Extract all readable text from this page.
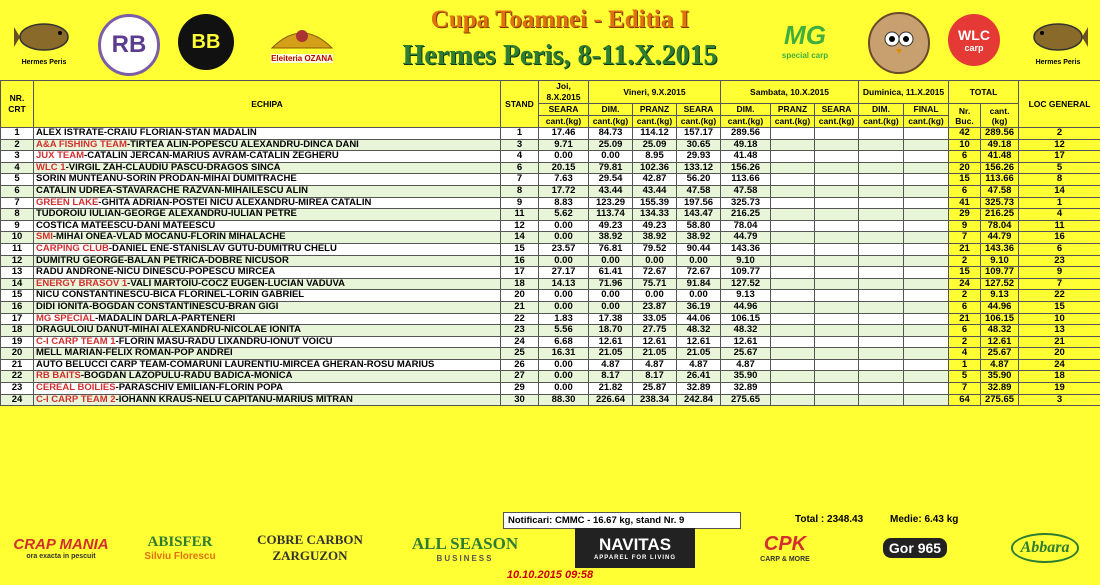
Hermes Peris
RB BB
Eleiteria OZANA
Cupa Toamnei - Editia I
Hermes Peris, 8-11.X.2015
MG
special carp
WLC
carp
Hermes Peris
NR. CRT	ECHIPA	STAND	Joi, 8.X.2015	Vineri, 9.X.2015			Sambata, 10.X.2015			Duminica, 11.X.2015		TOTAL		LOC GENERAL
			SEARA	DIM.	PRANZ	SEARA	DIM.	PRANZ	SEARA	DIM.	FINAL	Nr. Buc.	cant.(kg)	
			cant.(kg)	cant.(kg)	cant.(kg)	cant.(kg)	cant.(kg)	cant.(kg)	cant.(kg)	cant.(kg)	cant.(kg)			
1	ALEX ISTRATE-CRAIU FLORIAN-STAN MADALIN	1	17.46	84.73	114.12	157.17	289.56					42	289.56	2
2	A&A FISHING TEAM-TIRTEA ALIN-POPESCU ALEXANDRU-DINCA DANI	3	9.71	25.09	25.09	30.65	49.18					10	49.18	12
3	JUX TEAM-CATALIN JERCAN-MARIUS AVRAM-CATALIN ZEGHERU	4	0.00	0.00	8.95	29.93	41.48					6	41.48	17
4	WLC 1-VIRGIL ZAH-CLAUDIU PASCU-DRAGOS SINCA	6	20.15	79.81	102.36	133.12	156.26					20	156.26	5
5	SORIN MUNTEANU-SORIN PRODAN-MIHAI DUMITRACHE	7	7.63	29.54	42.87	56.20	113.66					15	113.66	8
6	CATALIN UDREA-STAVARACHE RAZVAN-MIHAILESCU ALIN	8	17.72	43.44	43.44	47.58	47.58					6	47.58	14
7	GREEN LAKE-GHITA ADRIAN-POSTEI NICU ALEXANDRU-MIREA CATALIN	9	8.83	123.29	155.39	197.56	325.73					41	325.73	1
8	TUDOROIU IULIAN-GEORGE ALEXANDRU-IULIAN PETRE	11	5.62	113.74	134.33	143.47	216.25					29	216.25	4
9	COSTICA MATEESCU-DANI MATEESCU	12	0.00	49.23	49.23	58.80	78.04					9	78.04	11
10	SMI-MIHAI ONEA-VLAD MOCANU-FLORIN MIHALACHE	14	0.00	38.92	38.92	38.92	44.79					7	44.79	16
11	CARPING CLUB-DANIEL ENE-STANISLAV GUTU-DUMITRU CHELU	15	23.57	76.81	79.52	90.44	143.36					21	143.36	6
12	DUMITRU GEORGE-BALAN PETRICA-DOBRE NICUSOR	16	0.00	0.00	0.00	0.00	9.10					2	9.10	23
13	RADU ANDRONE-NICU DINESCU-POPESCU MIRCEA	17	27.17	61.41	72.67	72.67	109.77					15	109.77	9
14	ENERGY BRASOV 1-VALI MARTOIU-COCZ EUGEN-LUCIAN VADUVA	18	14.13	71.96	75.71	91.84	127.52					24	127.52	7
15	NICU CONSTANTINESCU-BICA FLORINEL-LORIN GABRIEL	20	0.00	0.00	0.00	0.00	9.13					2	9.13	22
16	DIDI IONITA-BOGDAN CONSTANTINESCU-BRAN GIGI	21	0.00	0.00	23.87	36.19	44.96					6	44.96	15
17	MG SPECIAL-MADALIN DARLA-PARTENERI	22	1.83	17.38	33.05	44.06	106.15					21	106.15	10
18	DRAGULOIU DANUT-MIHAI ALEXANDRU-NICOLAE IONITA	23	5.56	18.70	27.75	48.32	48.32					6	48.32	13
19	C-I CARP TEAM 1-FLORIN MASU-RADU LIXANDRU-IONUT VOICU	24	6.68	12.61	12.61	12.61	12.61					2	12.61	21
20	MELL MARIAN-FELIX ROMAN-POP ANDREI	25	16.31	21.05	21.05	21.05	25.67					4	25.67	20
21	AUTO BELUCCI CARP TEAM-COMARUNI LAURENTIU-MIRCEA GHERAN-ROSU MARIUS	26	0.00	4.87	4.87	4.87	4.87					1	4.87	24
22	RB BAITS-BOGDAN LAZOPULU-RADU BADICA-MONICA	27	0.00	8.17	8.17	26.41	35.90					5	35.90	18
23	CEREAL BOILIES-PARASCHIV EMILIAN-FLORIN POPA	29	0.00	21.82	25.87	32.89	32.89					7	32.89	19
24	C-I CARP TEAM 2-IOHANN KRAUS-NELU CAPITANU-MARIUS MITRAN	30	88.30	226.64	238.34	242.84	275.65					64	275.65	3
Notificari: CMMC - 16.67 kg, stand Nr. 9	Total : 2348.43	Medie: 6.43 kg
CRAP MANIA
ora exacta in pescuit
ABISFER
Silviu Florescu
COBRE CARBON
ZARGUZON
ALL SEASON
BUSINESS
NAVITAS
APPAREL FOR LIVING
CPK
CARP & MORE
Gor 965	Abbara
10.10.2015 09:58
